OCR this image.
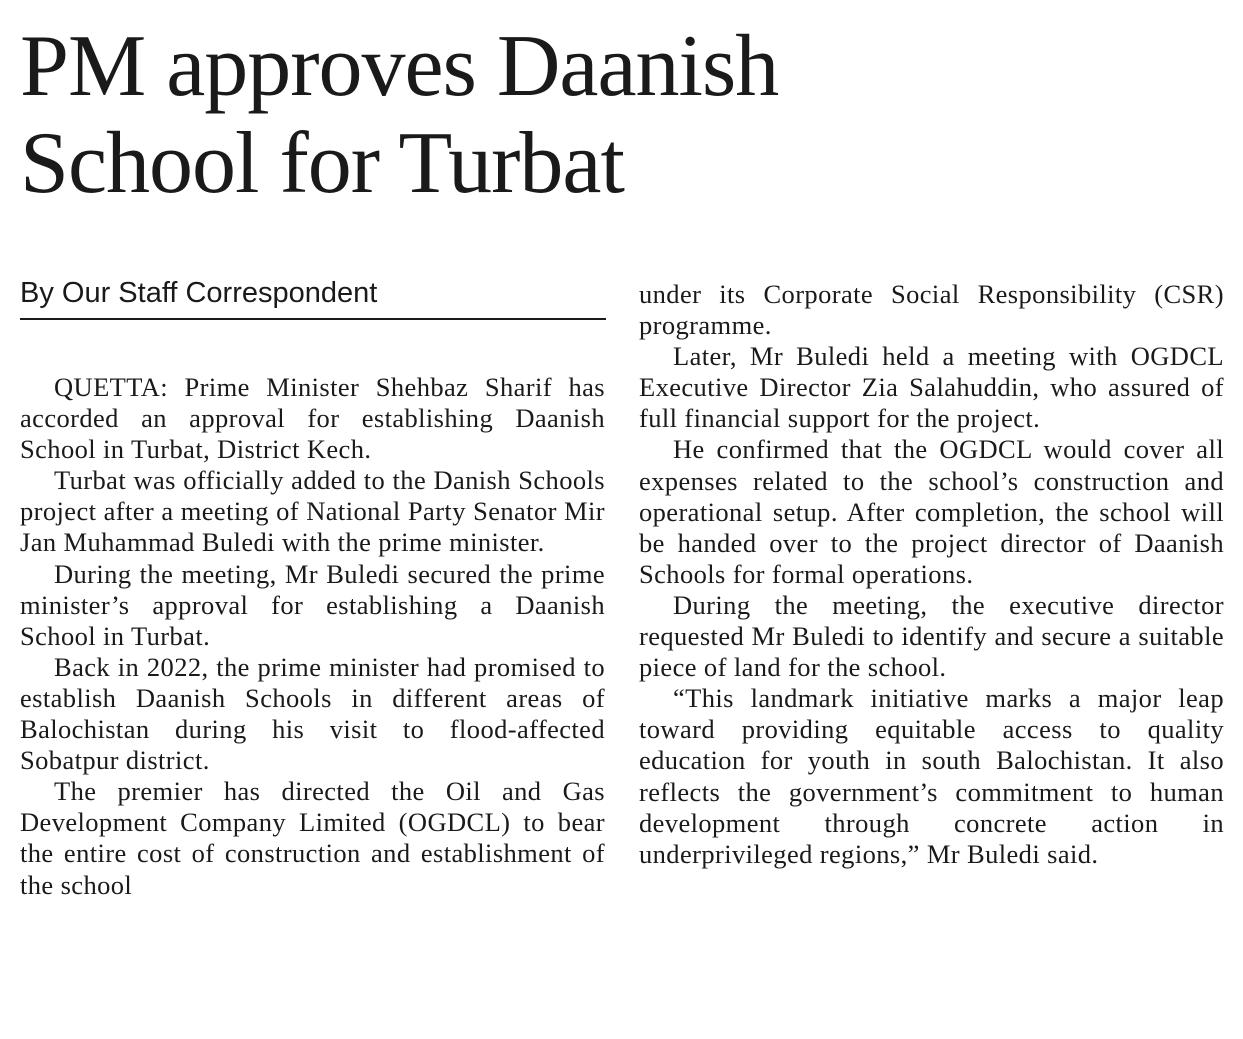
PM approves Daanish
School for Turbat
By Our Staff Correspondent

QUETTA: Prime Minister Shehbaz Sharif has accorded an approval for establishing Daanish School in Turbat, District Kech.

Turbat was officially added to the Danish Schools project after a meeting of National Party Senator Mir Jan Muhammad Buledi with the prime minister.

During the meeting, Mr Buledi secured the prime minister’s approval for establishing a Daanish School in Turbat.

Back in 2022, the prime minister had promised to establish Daanish Schools in different areas of Balochistan during his visit to flood-affected Sobatpur district.

The premier has directed the Oil and Gas Development Company Limited (OGDCL) to bear the entire cost of construction and establishment of the school

under its Corporate Social Responsibility (CSR) programme.

Later, Mr Buledi held a meeting with OGDCL Executive Director Zia Salahuddin, who assured of full financial support for the project.

He confirmed that the OGDCL would cover all expenses related to the school’s construction and operational setup. After completion, the school will be handed over to the project director of Daanish Schools for formal operations.

During the meeting, the executive director requested Mr Buledi to identify and secure a suitable piece of land for the school.

“This landmark initiative marks a major leap toward providing equitable access to quality education for youth in south Balochistan. It also reflects the government’s commitment to human development through concrete action in underprivileged regions,” Mr Buledi said.
